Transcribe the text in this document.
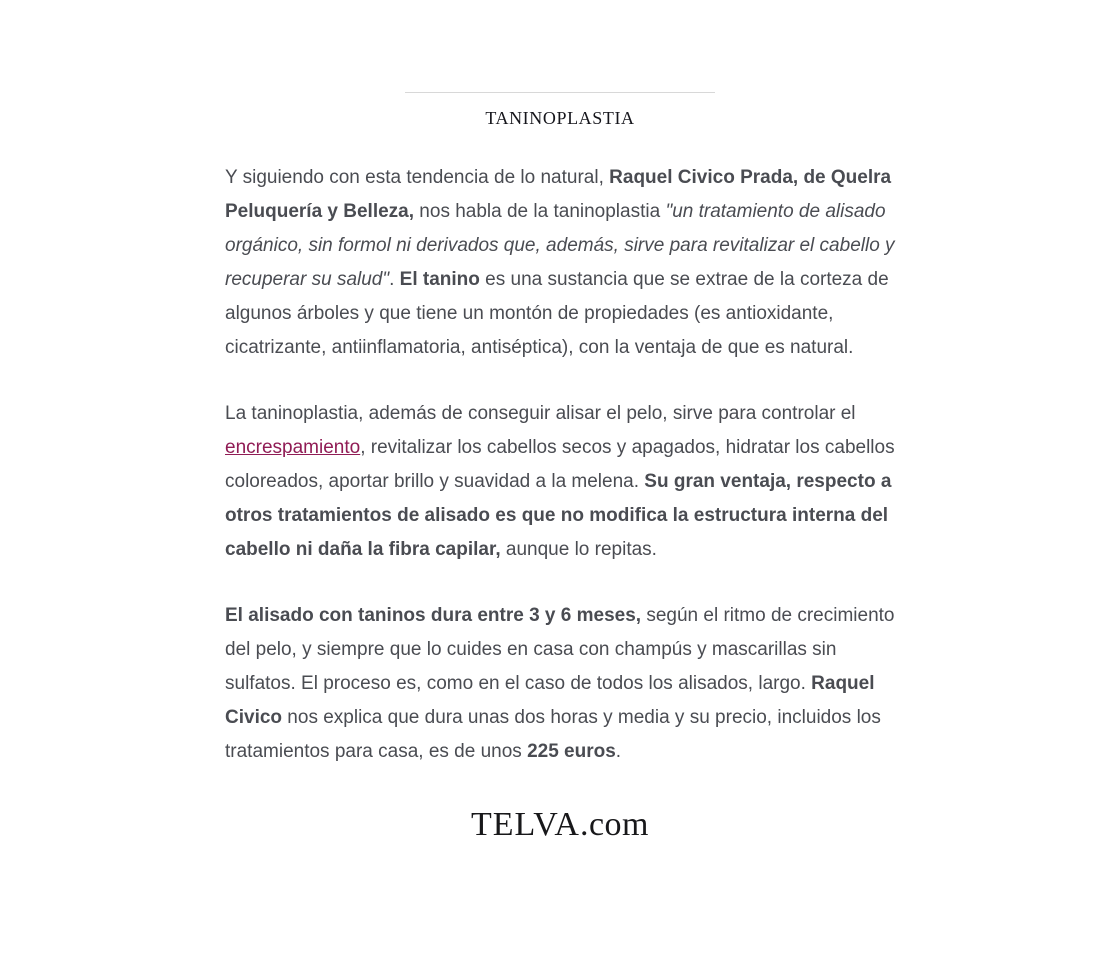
TANINOPLASTIA

Y siguiendo con esta tendencia de lo natural, Raquel Civico Prada, de Quelra Peluquería y Belleza, nos habla de la taninoplastia "un tratamiento de alisado orgánico, sin formol ni derivados que, además, sirve para revitalizar el cabello y recuperar su salud". El tanino es una sustancia que se extrae de la corteza de algunos árboles y que tiene un montón de propiedades (es antioxidante, cicatrizante, antiinflamatoria, antiséptica), con la ventaja de que es natural.

La taninoplastia, además de conseguir alisar el pelo, sirve para controlar el encrespamiento, revitalizar los cabellos secos y apagados, hidratar los cabellos coloreados, aportar brillo y suavidad a la melena. Su gran ventaja, respecto a otros tratamientos de alisado es que no modifica la estructura interna del cabello ni daña la fibra capilar, aunque lo repitas.

El alisado con taninos dura entre 3 y 6 meses, según el ritmo de crecimiento del pelo, y siempre que lo cuides en casa con champús y mascarillas sin sulfatos. El proceso es, como en el caso de todos los alisados, largo. Raquel Civico nos explica que dura unas dos horas y media y su precio, incluidos los tratamientos para casa, es de unos 225 euros.

TELVA.com
